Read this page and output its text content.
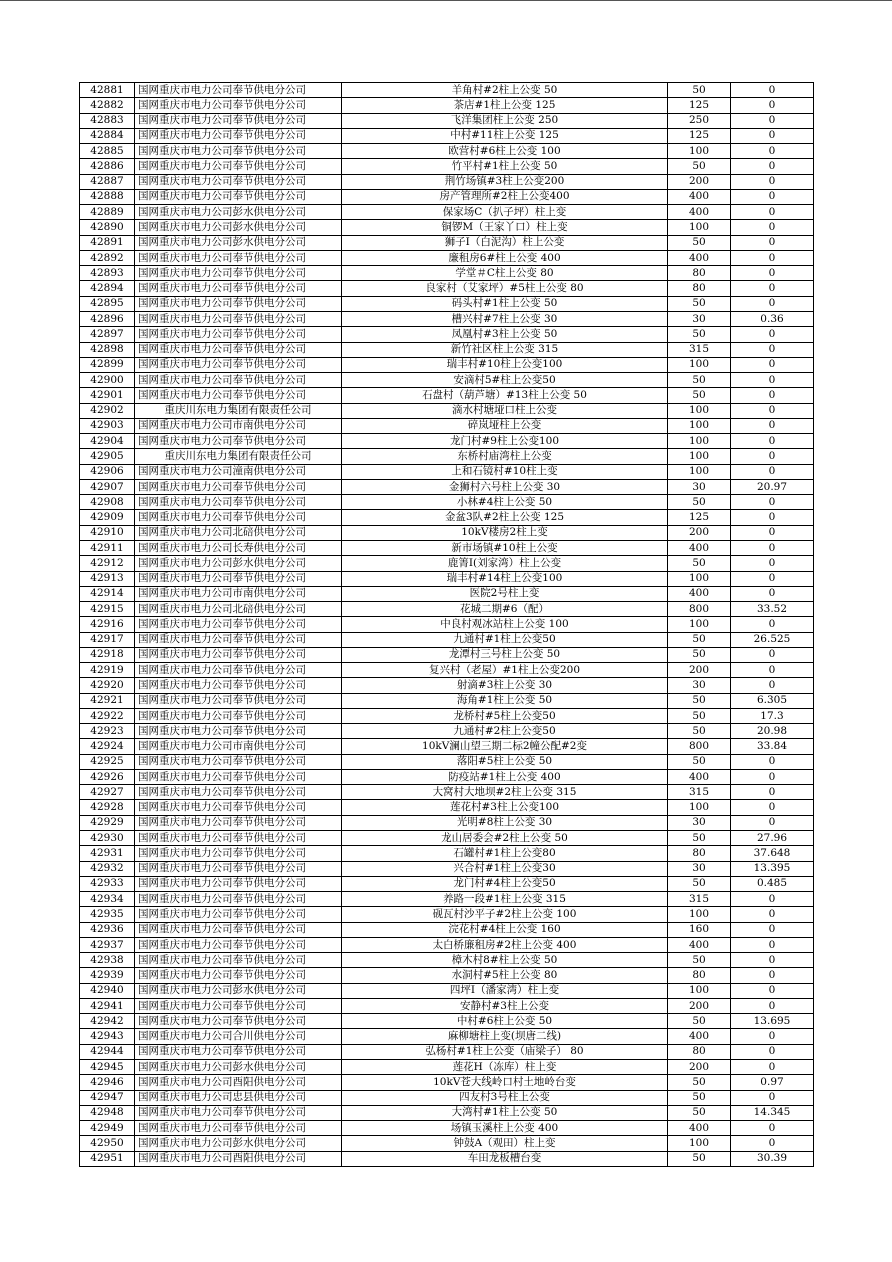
42881	国网重庆市电力公司奉节供电分公司	羊角村#2柱上公变 50	50	0
42882	国网重庆市电力公司奉节供电分公司	茶店#1柱上公变 125	125	0
42883	国网重庆市电力公司奉节供电分公司	飞洋集团柱上公变 250	250	0
42884	国网重庆市电力公司奉节供电分公司	中村#11柱上公变 125	125	0
42885	国网重庆市电力公司奉节供电分公司	欧营村#6柱上公变 100	100	0
42886	国网重庆市电力公司奉节供电分公司	竹平村#1柱上公变 50	50	0
42887	国网重庆市电力公司奉节供电分公司	荆竹场镇#3柱上公变200	200	0
42888	国网重庆市电力公司奉节供电分公司	房产管理所#2柱上公变400	400	0
42889	国网重庆市电力公司彭水供电分公司	保家场C（扒子坪）柱上变	400	0
42890	国网重庆市电力公司彭水供电分公司	铜锣M（王家丫口）柱上变	100	0
42891	国网重庆市电力公司彭水供电分公司	狮子I（白泥沟）柱上公变	50	0
42892	国网重庆市电力公司奉节供电分公司	廉租房6#柱上公变 400	400	0
42893	国网重庆市电力公司奉节供电分公司	学堂＃C柱上公变 80	80	0
42894	国网重庆市电力公司奉节供电分公司	良家村（艾家坪）#5柱上公变 80	80	0
42895	国网重庆市电力公司奉节供电分公司	码头村#1柱上公变 50	50	0
42896	国网重庆市电力公司奉节供电分公司	槽兴村#7柱上公变 30	30	0.36
42897	国网重庆市电力公司奉节供电分公司	凤凰村#3柱上公变 50	50	0
42898	国网重庆市电力公司奉节供电分公司	新竹社区柱上公变 315	315	0
42899	国网重庆市电力公司奉节供电分公司	瑞丰村#10柱上公变100	100	0
42900	国网重庆市电力公司奉节供电分公司	安滴村5#柱上公变50	50	0
42901	国网重庆市电力公司奉节供电分公司	石盘村（葫芦塘）#13柱上公变 50	50	0
42902	重庆川东电力集团有限责任公司	滴水村塘垭口柱上公变	100	0
42903	国网重庆市电力公司市南供电分公司	碎岚垭柱上公变	100	0
42904	国网重庆市电力公司奉节供电分公司	龙门村#9柱上公变100	100	0
42905	重庆川东电力集团有限责任公司	东桥村庙湾柱上公变	100	0
42906	国网重庆市电力公司潼南供电分公司	上和石镜村#10柱上变	100	0
42907	国网重庆市电力公司奉节供电分公司	金狮村六号柱上公变 30	30	20.97
42908	国网重庆市电力公司奉节供电分公司	小林#4柱上公变 50	50	0
42909	国网重庆市电力公司奉节供电分公司	金盆3队#2柱上公变 125	125	0
42910	国网重庆市电力公司北碚供电分公司	10kV楼房2柱上变	200	0
42911	国网重庆市电力公司长寿供电分公司	新市场镇#10柱上公变	400	0
42912	国网重庆市电力公司彭水供电分公司	鹿箐I(刘家湾）柱上公变	50	0
42913	国网重庆市电力公司奉节供电分公司	瑞丰村#14柱上公变100	100	0
42914	国网重庆市电力公司市南供电分公司	医院2号柱上变	400	0
42915	国网重庆市电力公司北碚供电分公司	花城二期#6（配）	800	33.52
42916	国网重庆市电力公司奉节供电分公司	中良村观冰站柱上公变 100	100	0
42917	国网重庆市电力公司奉节供电分公司	九通村#1柱上公变50	50	26.525
42918	国网重庆市电力公司奉节供电分公司	龙潭村三号柱上公变 50	50	0
42919	国网重庆市电力公司奉节供电分公司	复兴村（老屋）#1柱上公变200	200	0
42920	国网重庆市电力公司奉节供电分公司	射滴#3柱上公变 30	30	0
42921	国网重庆市电力公司奉节供电分公司	海角#1柱上公变 50	50	6.305
42922	国网重庆市电力公司奉节供电分公司	龙桥村#5柱上公变50	50	17.3
42923	国网重庆市电力公司奉节供电分公司	九通村#2柱上公变50	50	20.98
42924	国网重庆市电力公司市南供电分公司	10kV澜山望三期二标2幢公配#2变	800	33.84
42925	国网重庆市电力公司奉节供电分公司	落阳#5柱上公变 50	50	0
42926	国网重庆市电力公司奉节供电分公司	防疫站#1柱上公变 400	400	0
42927	国网重庆市电力公司奉节供电分公司	大窝村大地坝#2柱上公变 315	315	0
42928	国网重庆市电力公司奉节供电分公司	莲花村#3柱上公变100	100	0
42929	国网重庆市电力公司奉节供电分公司	光明#8柱上公变 30	30	0
42930	国网重庆市电力公司奉节供电分公司	龙山居委会#2柱上公变 50	50	27.96
42931	国网重庆市电力公司奉节供电分公司	石罐村#1柱上公变80	80	37.648
42932	国网重庆市电力公司奉节供电分公司	兴合村#1柱上公变30	30	13.395
42933	国网重庆市电力公司奉节供电分公司	龙门村#4柱上公变50	50	0.485
42934	国网重庆市电力公司奉节供电分公司	养路一段#1柱上公变 315	315	0
42935	国网重庆市电力公司奉节供电分公司	砚瓦村沙平子#2柱上公变 100	100	0
42936	国网重庆市电力公司奉节供电分公司	浣花村#4柱上公变 160	160	0
42937	国网重庆市电力公司奉节供电分公司	太白桥廉租房#2柱上公变 400	400	0
42938	国网重庆市电力公司奉节供电分公司	樟木村8#柱上公变 50	50	0
42939	国网重庆市电力公司奉节供电分公司	水洞村#5柱上公变 80	80	0
42940	国网重庆市电力公司彭水供电分公司	四坪I（潘家湾）柱上变	100	0
42941	国网重庆市电力公司奉节供电分公司	安静村#3柱上公变	200	0
42942	国网重庆市电力公司奉节供电分公司	中村#6柱上公变 50	50	13.695
42943	国网重庆市电力公司合川供电分公司	麻柳塘柱上变(坝唐二线)	400	0
42944	国网重庆市电力公司奉节供电分公司	弘杨村#1柱上公变（庙梁子） 80	80	0
42945	国网重庆市电力公司彭水供电分公司	莲花H（冻库）柱上变	200	0
42946	国网重庆市电力公司酉阳供电分公司	10kV苍大线岭口村土地岭台变	50	0.97
42947	国网重庆市电力公司忠县供电分公司	四友村3号柱上公变	50	0
42948	国网重庆市电力公司奉节供电分公司	大湾村#1柱上公变 50	50	14.345
42949	国网重庆市电力公司奉节供电分公司	场镇玉溪柱上公变 400	400	0
42950	国网重庆市电力公司彭水供电分公司	钟鼓A（观田）柱上变	100	0
42951	国网重庆市电力公司酉阳供电分公司	车田龙板槽台变	50	30.39
